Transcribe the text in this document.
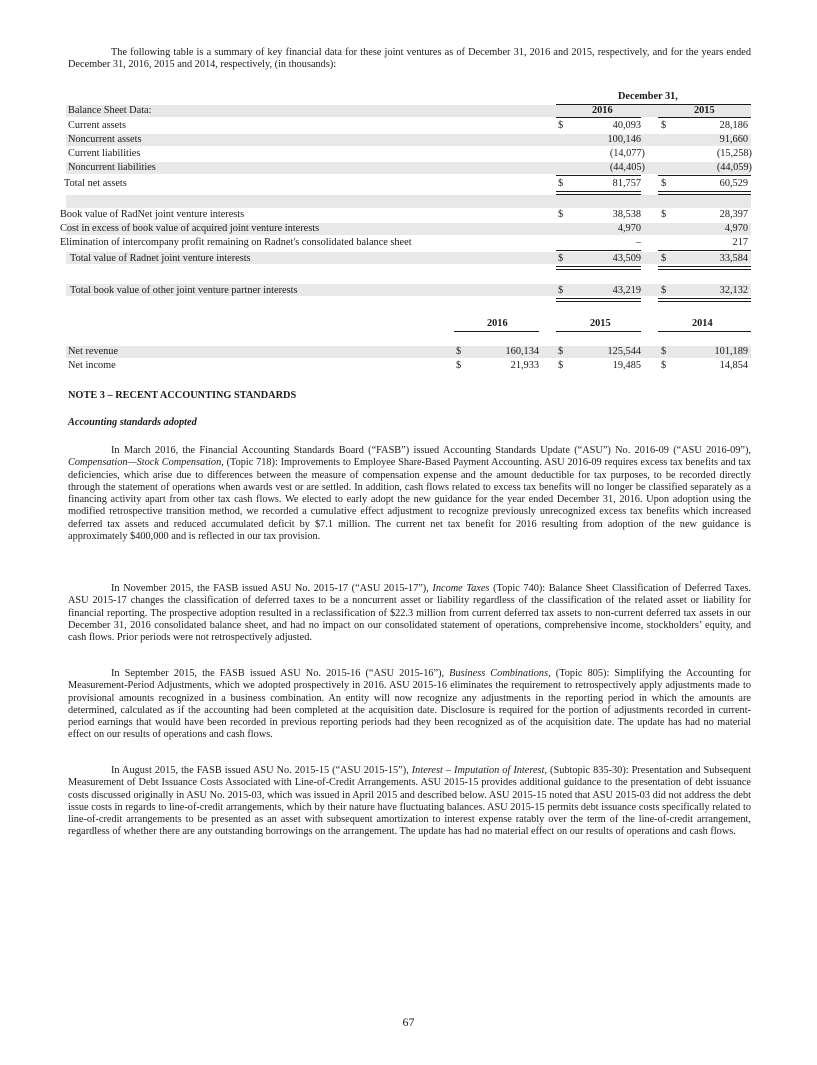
The following table is a summary of key financial data for these joint ventures as of December 31, 2016 and 2015, respectively, and for the years ended December 31, 2016, 2015 and 2014, respectively, (in thousands):
December 31,
Balance Sheet Data:	2016	2015
Current assets	$	40,093 $	28,186
Noncurrent assets	100,146	91,660
Current liabilities	(14,077)	(15,258)
Noncurrent liabilities	(44,405)	(44,059)
Total net assets	$	81,757 $	60,529
Book value of RadNet joint venture interests	$	38,538 $	28,397
Cost in excess of book value of acquired joint venture interests	4,970	4,970
Elimination of intercompany profit remaining on Radnet's consolidated balance sheet	–	217
Total value of Radnet joint venture interests	$	43,509 $	33,584
Total book value of other joint venture partner interests	$	43,219 $	32,132
2016	2015	2014
Net revenue	$	160,134 $	125,544 $	101,189
Net income	$	21,933 $	19,485 $	14,854
NOTE 3 – RECENT ACCOUNTING STANDARDS
Accounting standards adopted
In March 2016, the Financial Accounting Standards Board (“FASB”) issued Accounting Standards Update (“ASU”) No. 2016-09 (“ASU 2016-09”), Compensation—Stock Compensation, (Topic 718): Improvements to Employee Share-Based Payment Accounting. ASU 2016-09 requires excess tax benefits and tax deficiencies, which arise due to differences between the measure of compensation expense and the amount deductible for tax purposes, to be recorded directly through the statement of operations when awards vest or are settled. In addition, cash flows related to excess tax benefits will no longer be classified separately as a financing activity apart from other tax cash flows. We elected to early adopt the new guidance for the year ended December 31, 2016. Upon adoption using the modified retrospective transition method, we recorded a cumulative effect adjustment to recognize previously unrecognized excess tax benefits which increased deferred tax assets and reduced accumulated deficit by $7.1 million. The current net tax benefit for 2016 resulting from adoption of the new guidance is approximately $400,000 and is reflected in our tax provision.
In November 2015, the FASB issued ASU No. 2015-17 (“ASU 2015-17”), Income Taxes (Topic 740): Balance Sheet Classification of Deferred Taxes. ASU 2015-17 changes the classification of deferred taxes to be a noncurrent asset or liability regardless of the classification of the related asset or liability for financial reporting. The prospective adoption resulted in a reclassification of $22.3 million from current deferred tax assets to non-current deferred tax assets in our December 31, 2016 consolidated balance sheet, and had no impact on our consolidated statement of operations, comprehensive income, stockholders’ equity, and cash flows. Prior periods were not retrospectively adjusted.
In September 2015, the FASB issued ASU No. 2015-16 (“ASU 2015-16”), Business Combinations, (Topic 805): Simplifying the Accounting for Measurement-Period Adjustments, which we adopted prospectively in 2016. ASU 2015-16 eliminates the requirement to retrospectively apply adjustments made to provisional amounts recognized in a business combination. An entity will now recognize any adjustments in the reporting period in which the amounts are determined, calculated as if the accounting had been completed at the acquisition date. Disclosure is required for the portion of adjustments recorded in current-period earnings that would have been recorded in previous reporting periods had they been recognized as of the acquisition date. The update has had no material effect on our results of operations and cash flows.
In August 2015, the FASB issued ASU No. 2015-15 (“ASU 2015-15”), Interest – Imputation of Interest, (Subtopic 835-30): Presentation and Subsequent Measurement of Debt Issuance Costs Associated with Line-of-Credit Arrangements. ASU 2015-15 provides additional guidance to the presentation of debt issuance costs discussed originally in ASU No. 2015-03, which was issued in April 2015 and described below. ASU 2015-15 noted that ASU 2015-03 did not address the debt issue costs in regards to line-of-credit arrangements, which by their nature have fluctuating balances. ASU 2015-15 permits debt issuance costs specifically related to line-of-credit arrangements to be presented as an asset with subsequent amortization to interest expense ratably over the term of the line-of-credit arrangement, regardless of whether there are any outstanding borrowings on the arrangement. The update has had no material effect on our results of operations and cash flows.
67
